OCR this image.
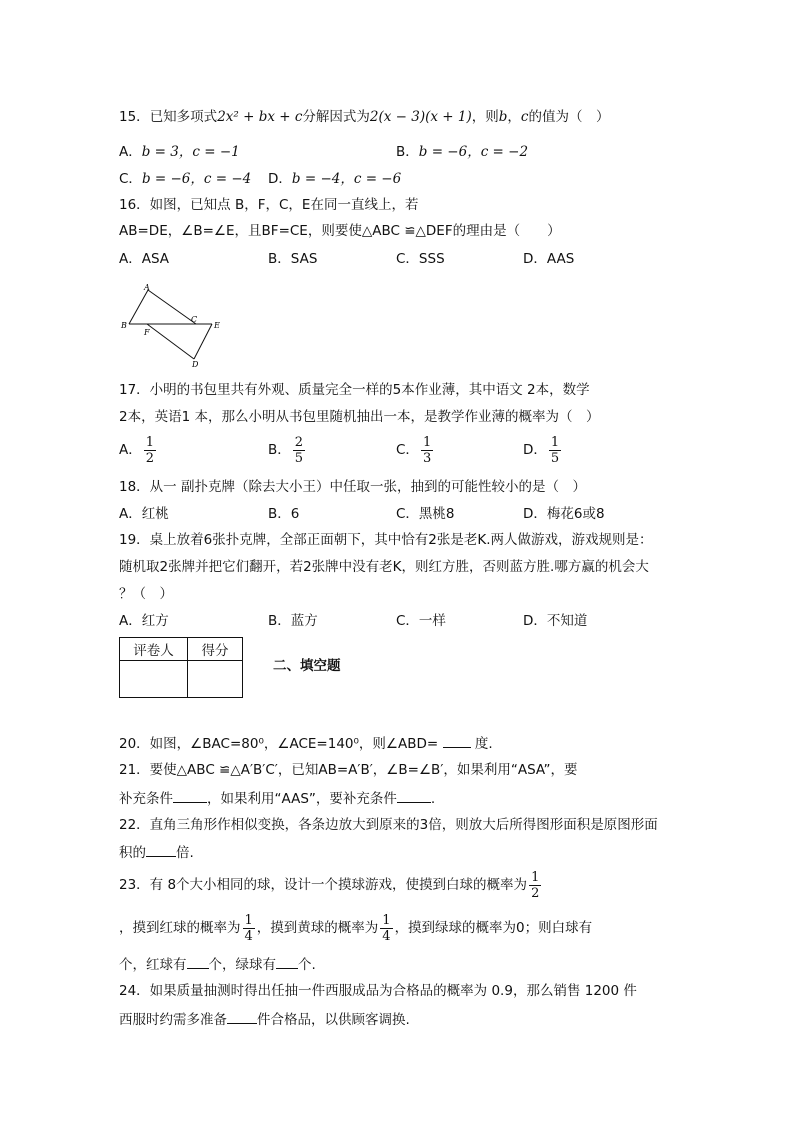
15．已知多项式2x² + bx + c分解因式为2(x − 3)(x + 1)，则b，c的值为（　）
A．b = 3，c = −1	B．b = −6，c = −2
C．b = −6，c = −4 D．b = −4，c = −6
16．如图，已知点 B，F，C，E在同一直线上，若
AB=DE，∠B=∠E，且BF=CE，则要使△ABC ≌△DEF的理由是（　　）
A．ASA	B．SAS	C．SSS	D．AAS
A
B
F
C
E
D
17．小明的书包里共有外观、质量完全一样的5本作业薄，其中语文 2本，数学
2本，英语1 本，那么小明从书包里随机抽出一本，是教学作业薄的概率为（　）
A． $\frac{1}{2}$	B． $\frac{2}{5}$	C． $\frac{1}{3}$	D． $\frac{1}{5}$
18．从一 副扑克牌（除去大小王）中任取一张，抽到的可能性较小的是（　）
A．红桃	B．6	C．黑桃8	D．梅花6或8
19．桌上放着6张扑克牌，全部正面朝下，其中恰有2张是老K.两人做游戏，游戏规则是：
随机取2张牌并把它们翻开，若2张牌中没有老K，则红方胜，否则蓝方胜.哪方赢的机会大
？（　）
A．红方	B．蓝方	C．一样	D．不知道
评卷人	得分

二、填空题
20．如图，∠BAC=80⁰，∠ACE=140⁰，则∠ABD=	度.
21．要使△ABC ≌△A′B′C′，已知AB=A′B′，∠B=∠B′，如果利用“ASA”，要
补充条件	，如果利用“AAS”，要补充条件	.
22．直角三角形作相似变换，各条边放大到原来的3倍，则放大后所得图形面积是原图形面
积的 倍.
23．有 8个大小相同的球，设计一个摸球游戏，使摸到白球的概率为 $\frac{1}{2}$
，摸到红球的概率为 $\frac{1}{4}$ ，摸到黄球的概率为 $\frac{1}{4}$ ，摸到绿球的概率为0；则白球有
个，红球有 个，绿球有 个.
24．如果质量抽测时得出任抽一件西服成品为合格品的概率为 0.9，那么销售 1200 件
西服时约需多准备 件合格品，以供顾客调换.
